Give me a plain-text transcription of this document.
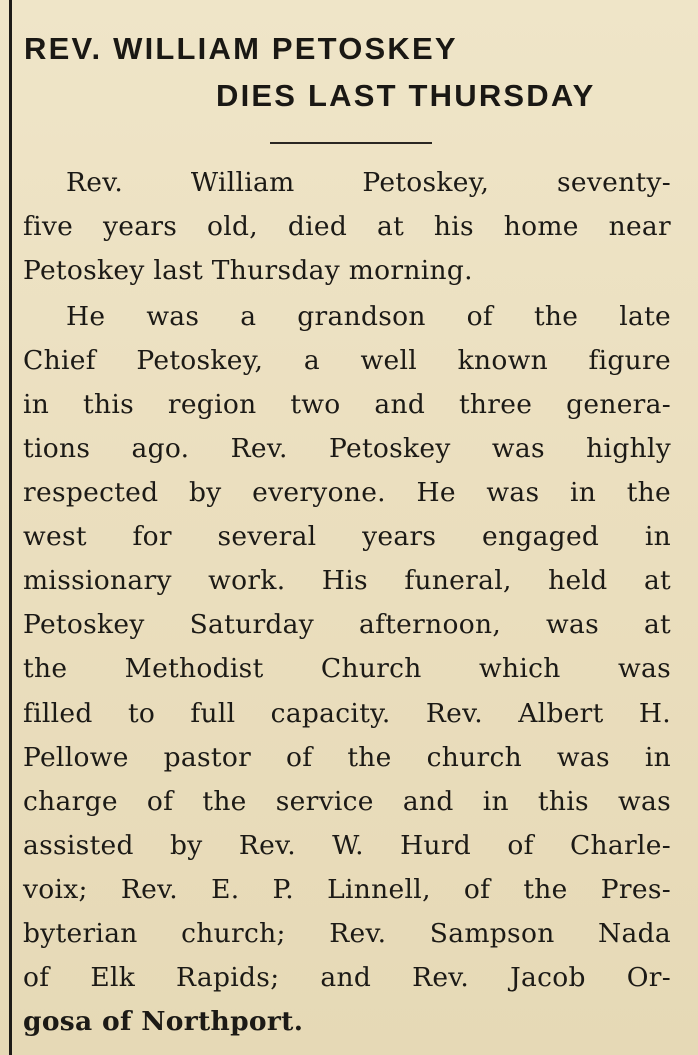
REV. WILLIAM PETOSKEY
DIES LAST THURSDAY
Rev. William Petoskey, seventy-
five years old, died at his home near
Petoskey last Thursday morning.
He was a grandson of the late
Chief Petoskey, a well known figure
in this region two and three genera-
tions ago. Rev. Petoskey was highly
respected by everyone. He was in the
west for several years engaged in
missionary work. His funeral, held at
Petoskey Saturday afternoon, was at
the Methodist Church which was
filled to full capacity. Rev. Albert H.
Pellowe pastor of the church was in
charge of the service and in this was
assisted by Rev. W. Hurd of Charle-
voix; Rev. E. P. Linnell, of the Pres-
byterian church; Rev. Sampson Nada
of Elk Rapids; and Rev. Jacob Or-
gosa of Northport.
